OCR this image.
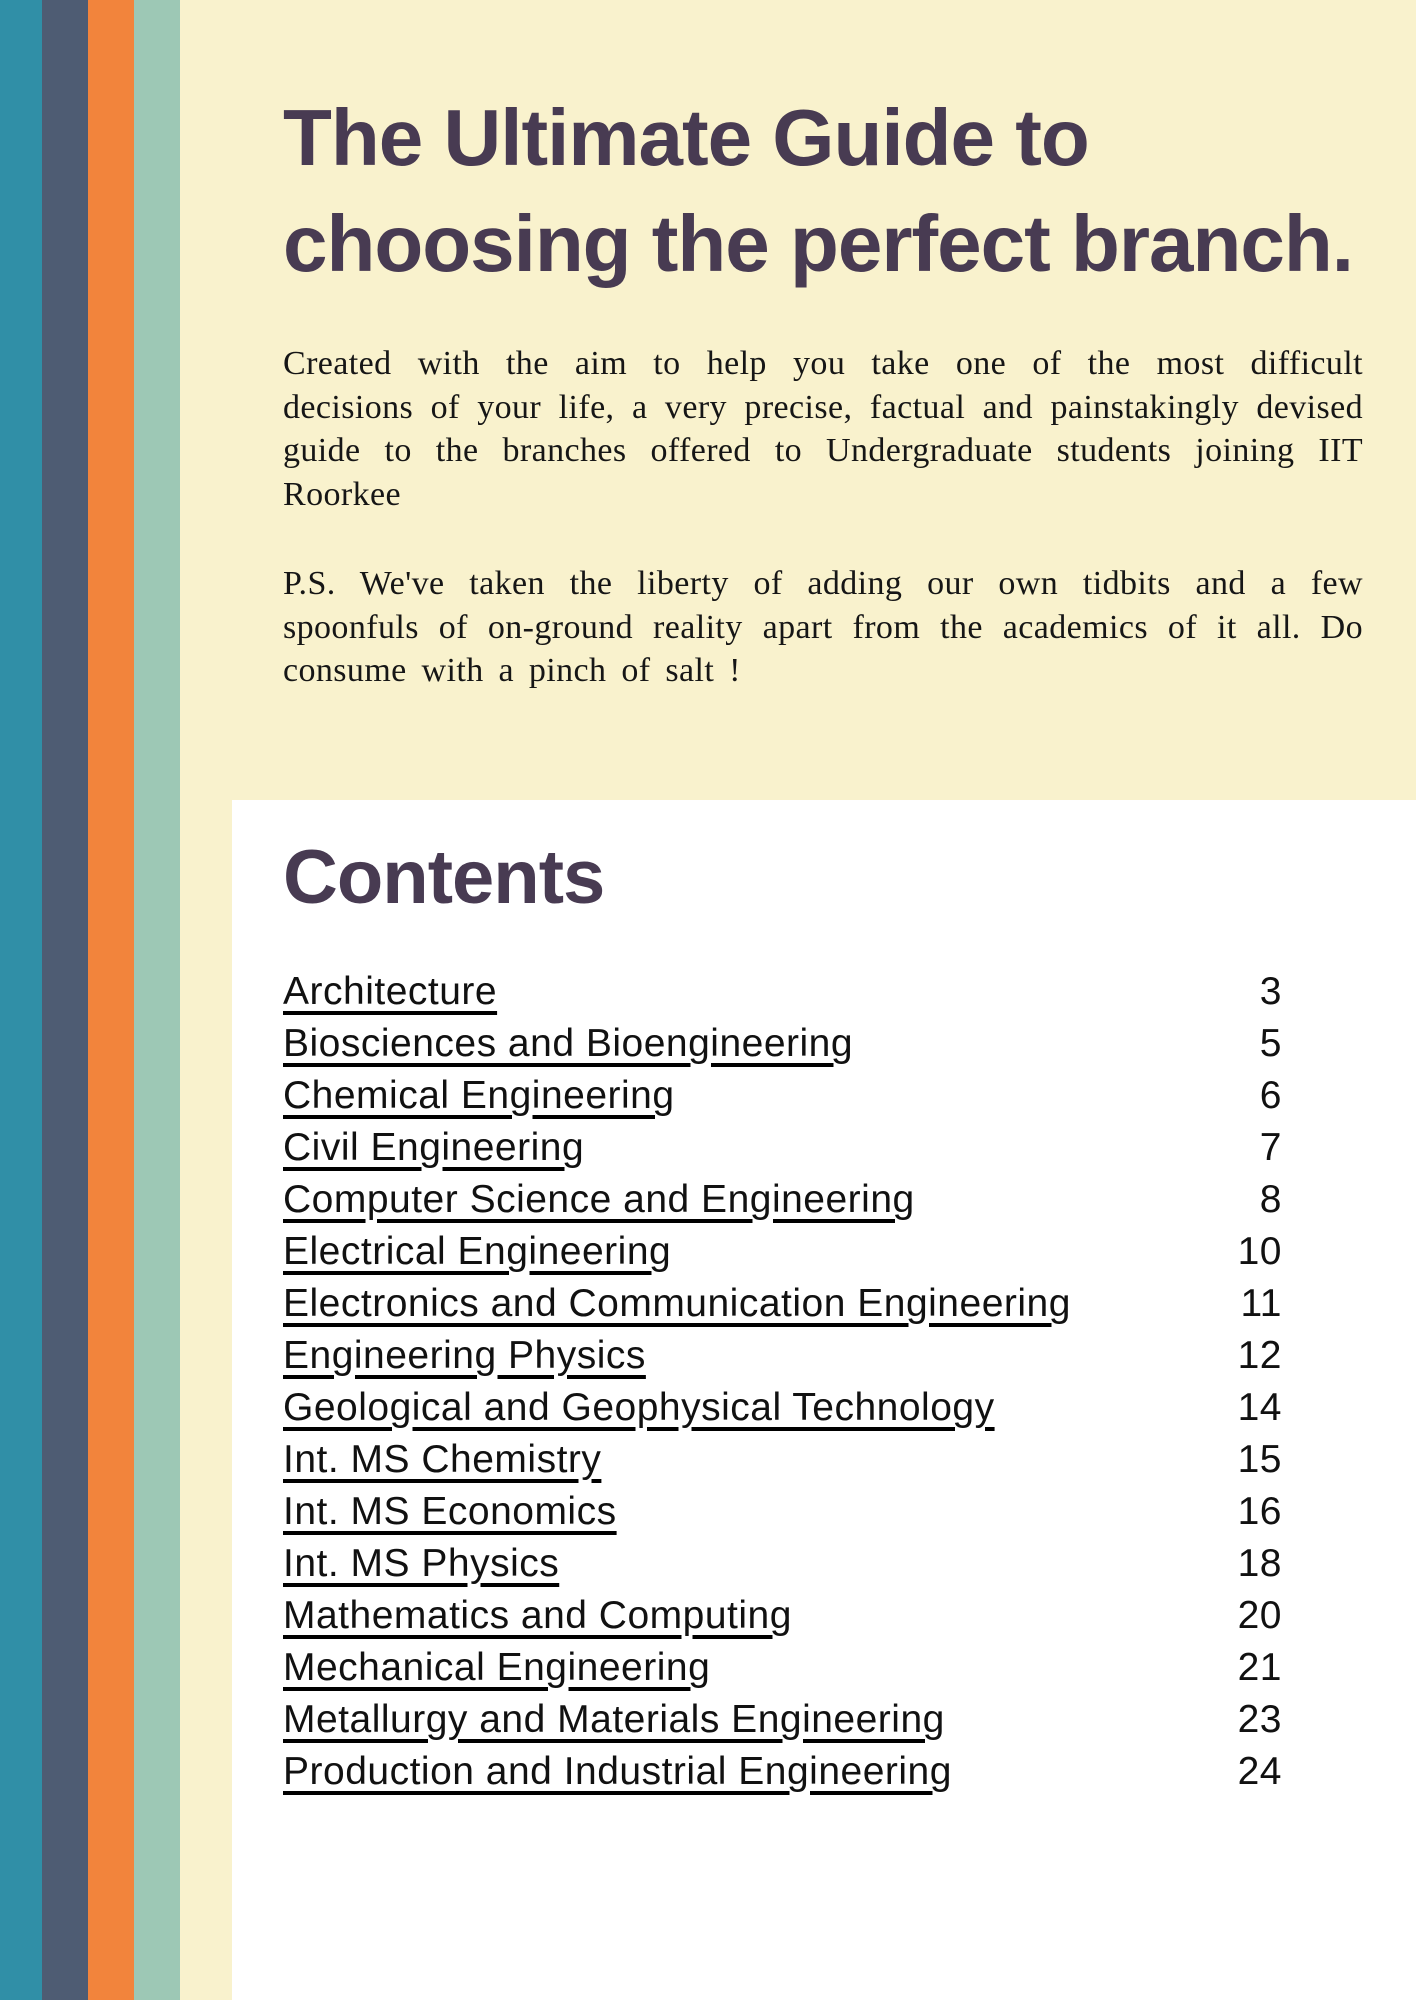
The Ultimate Guide to
choosing the perfect branch.

Created with the aim to help you take one of the most difficult decisions of your life, a very precise, factual and painstakingly devised guide to the branches offered to Undergraduate students joining IIT Roorkee

P.S. We've taken the liberty of adding our own tidbits and a few spoonfuls of on-ground reality apart from the academics of it all. Do consume with a pinch of salt !

Contents
Architecture	3
Biosciences and Bioengineering	5
Chemical Engineering	6
Civil Engineering	7
Computer Science and Engineering	8
Electrical Engineering	10
Electronics and Communication Engineering	11
Engineering Physics	12
Geological and Geophysical Technology	14
Int. MS Chemistry	15
Int. MS Economics	16
Int. MS Physics	18
Mathematics and Computing	20
Mechanical Engineering	21
Metallurgy and Materials Engineering	23
Production and Industrial Engineering	24
